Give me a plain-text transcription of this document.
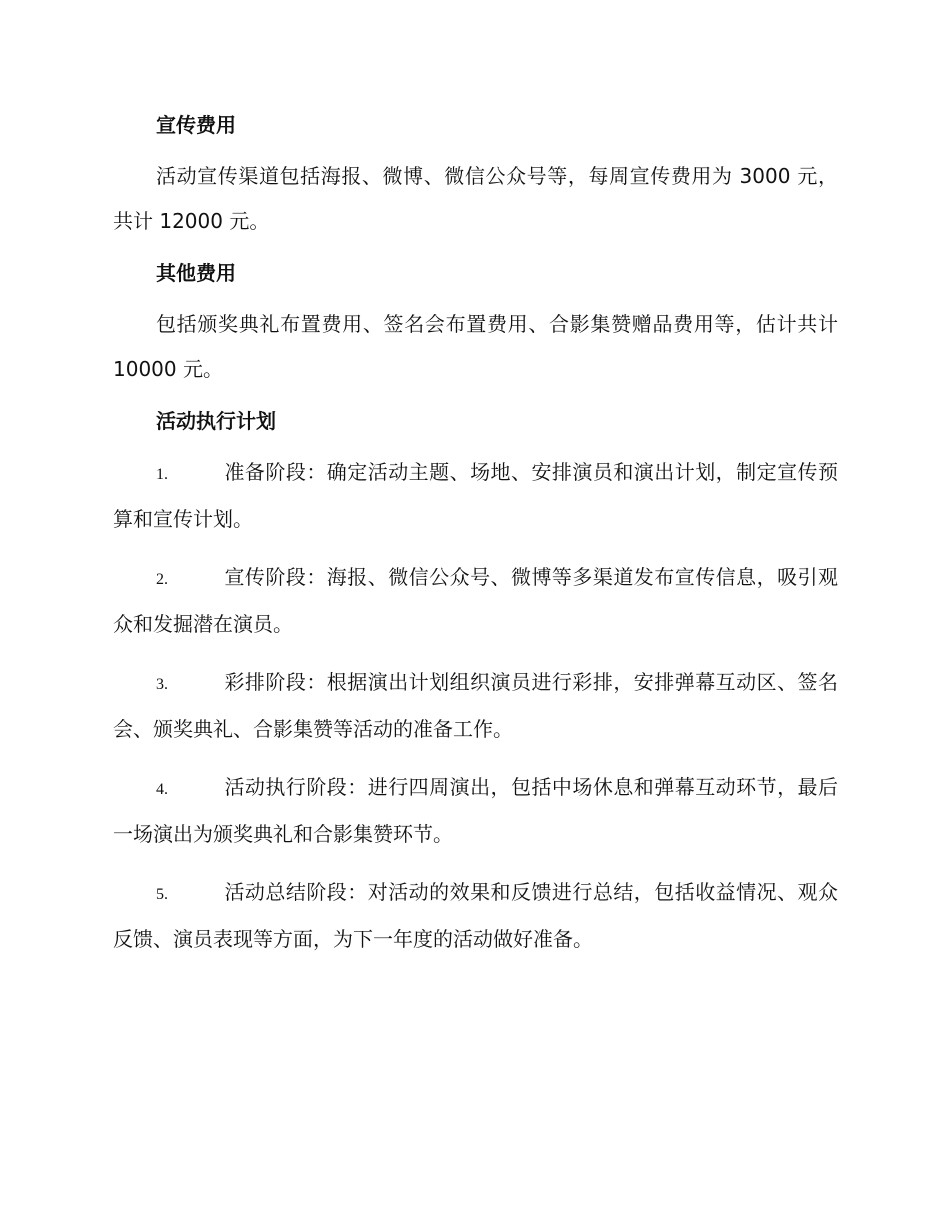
宣传费用

活动宣传渠道包括海报、微博、微信公众号等，每周宣传费用为 3000 元，共计 12000 元。

其他费用

包括颁奖典礼布置费用、签名会布置费用、合影集赞赠品费用等，估计共计 10000 元。

活动执行计划

1.	准备阶段：确定活动主题、场地、安排演员和演出计划，制定宣传预算和宣传计划。

2.	宣传阶段：海报、微信公众号、微博等多渠道发布宣传信息，吸引观众和发掘潜在演员。

3.	彩排阶段：根据演出计划组织演员进行彩排，安排弹幕互动区、签名会、颁奖典礼、合影集赞等活动的准备工作。

4.	活动执行阶段：进行四周演出，包括中场休息和弹幕互动环节，最后一场演出为颁奖典礼和合影集赞环节。

5.	活动总结阶段：对活动的效果和反馈进行总结，包括收益情况、观众反馈、演员表现等方面，为下一年度的活动做好准备。
